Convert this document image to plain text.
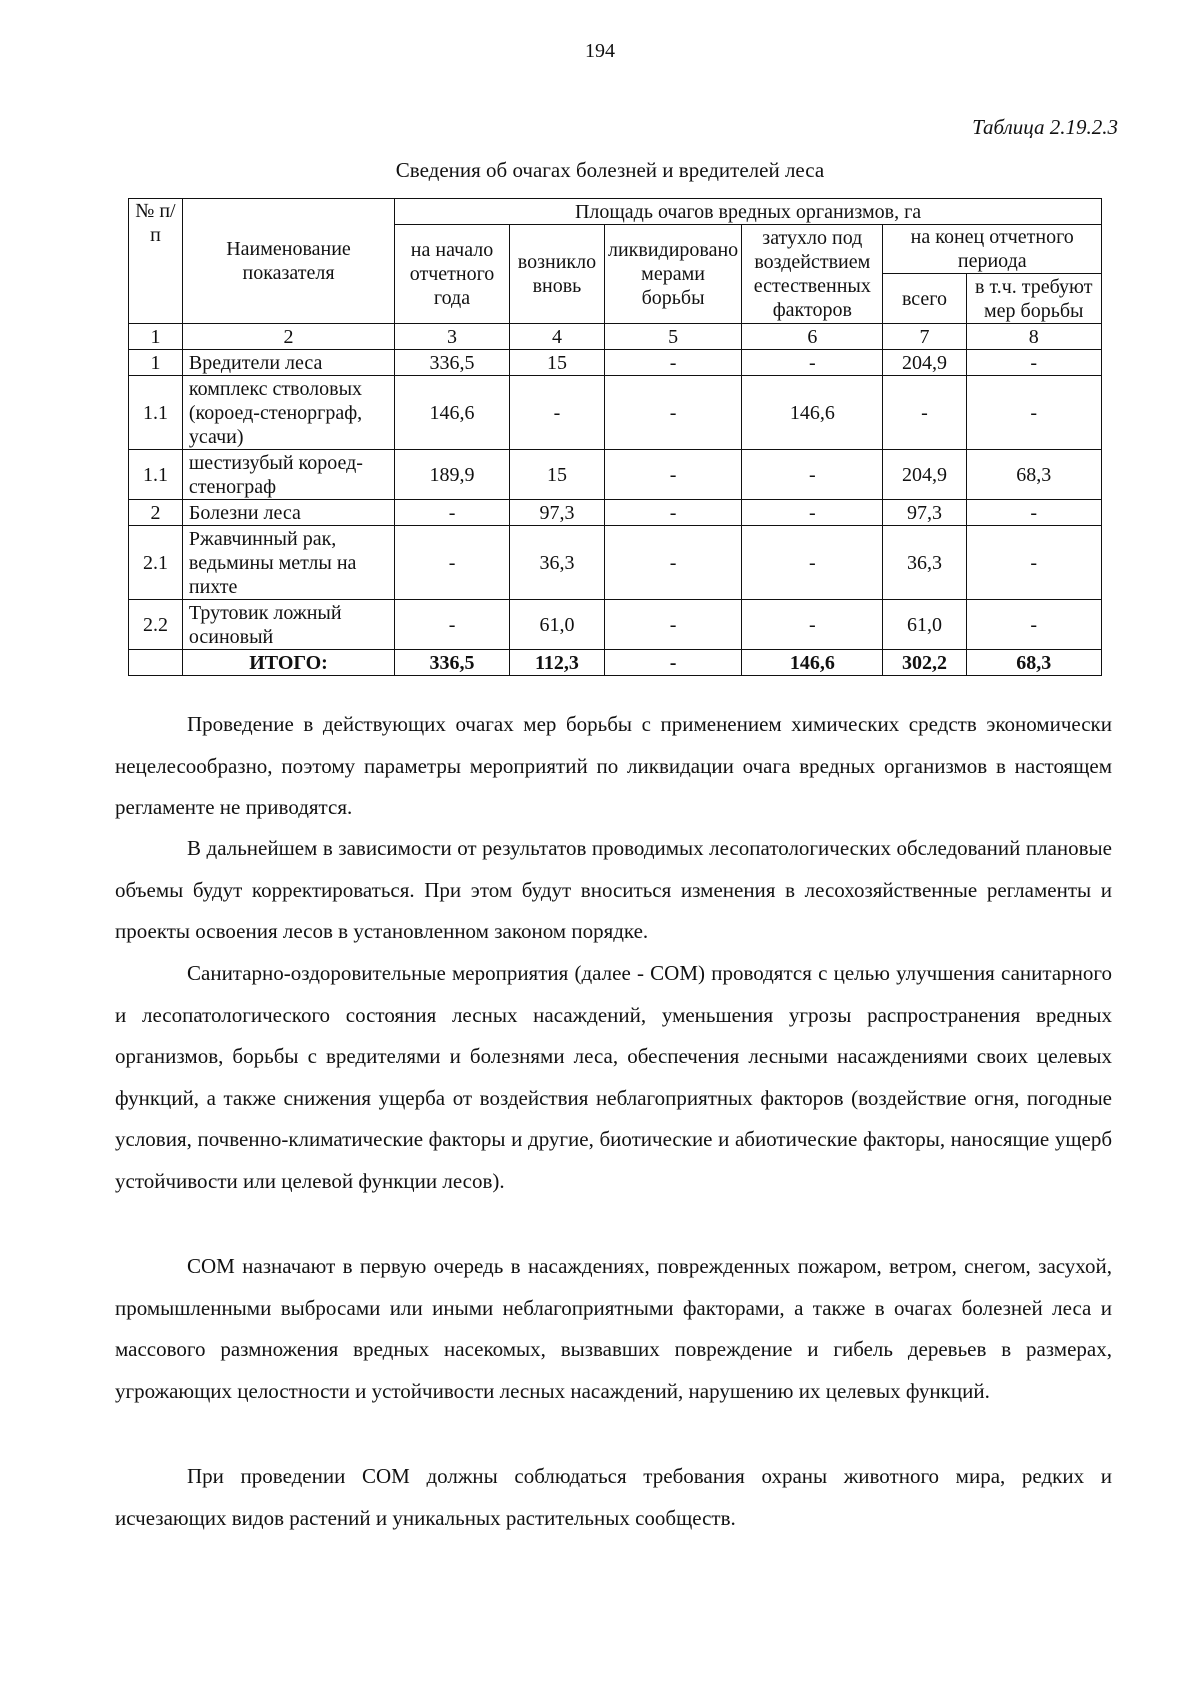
194
Таблица 2.19.2.3
Сведения об очагах болезней и вредителей леса
№ п/п	Наименование показателя	Площадь очагов вредных организмов, га					
		на начало отчетного года	возникло вновь	ликвидировано мерами борьбы	затухло под воздействием естественных факторов	на конец отчетного периода	
						всего	в т.ч. требуют мер борьбы
1	2	3	4	5	6	7	8
1	Вредители леса	336,5	15	-	-	204,9	-
1.1	комплекс стволовых (короед-стенорграф, усачи)	146,6	-	-	146,6	-	-
1.1	шестизубый короед-стенограф	189,9	15	-	-	204,9	68,3
2	Болезни леса	-	97,3	-	-	97,3	-
2.1	Ржавчинный рак, ведьмины метлы на пихте	-	36,3	-	-	36,3	-
2.2	Трутовик ложный осиновый	-	61,0	-	-	61,0	-
	ИТОГО:	336,5	112,3	-	146,6	302,2	68,3

Проведение в действующих очагах мер борьбы с применением химических средств экономически нецелесообразно, поэтому параметры мероприятий по ликвидации очага вредных организмов в настоящем регламенте не приводятся.

В дальнейшем в зависимости от результатов проводимых лесопатологических обследований плановые объемы будут корректироваться. При этом будут вноситься изменения в лесохозяйственные регламенты и проекты освоения лесов в установленном законом порядке.

Санитарно-оздоровительные мероприятия (далее - СОМ) проводятся с целью улучшения санитарного и лесопатологического состояния лесных насаждений, уменьшения угрозы распространения вредных организмов, борьбы с вредителями и болезнями леса, обеспечения лесными насаждениями своих целевых функций, а также снижения ущерба от воздействия неблагоприятных факторов (воздействие огня, погодные условия, почвенно-климатические факторы и другие, биотические и абиотические факторы, наносящие ущерб устойчивости или целевой функции лесов).

СОМ назначают в первую очередь в насаждениях, поврежденных пожаром, ветром, снегом, засухой, промышленными выбросами или иными неблагоприятными факторами, а также в очагах болезней леса и массового размножения вредных насекомых, вызвавших повреждение и гибель деревьев в размерах, угрожающих целостности и устойчивости лесных насаждений, нарушению их целевых функций.

При проведении СОМ должны соблюдаться требования охраны животного мира, редких и исчезающих видов растений и уникальных растительных сообществ.
